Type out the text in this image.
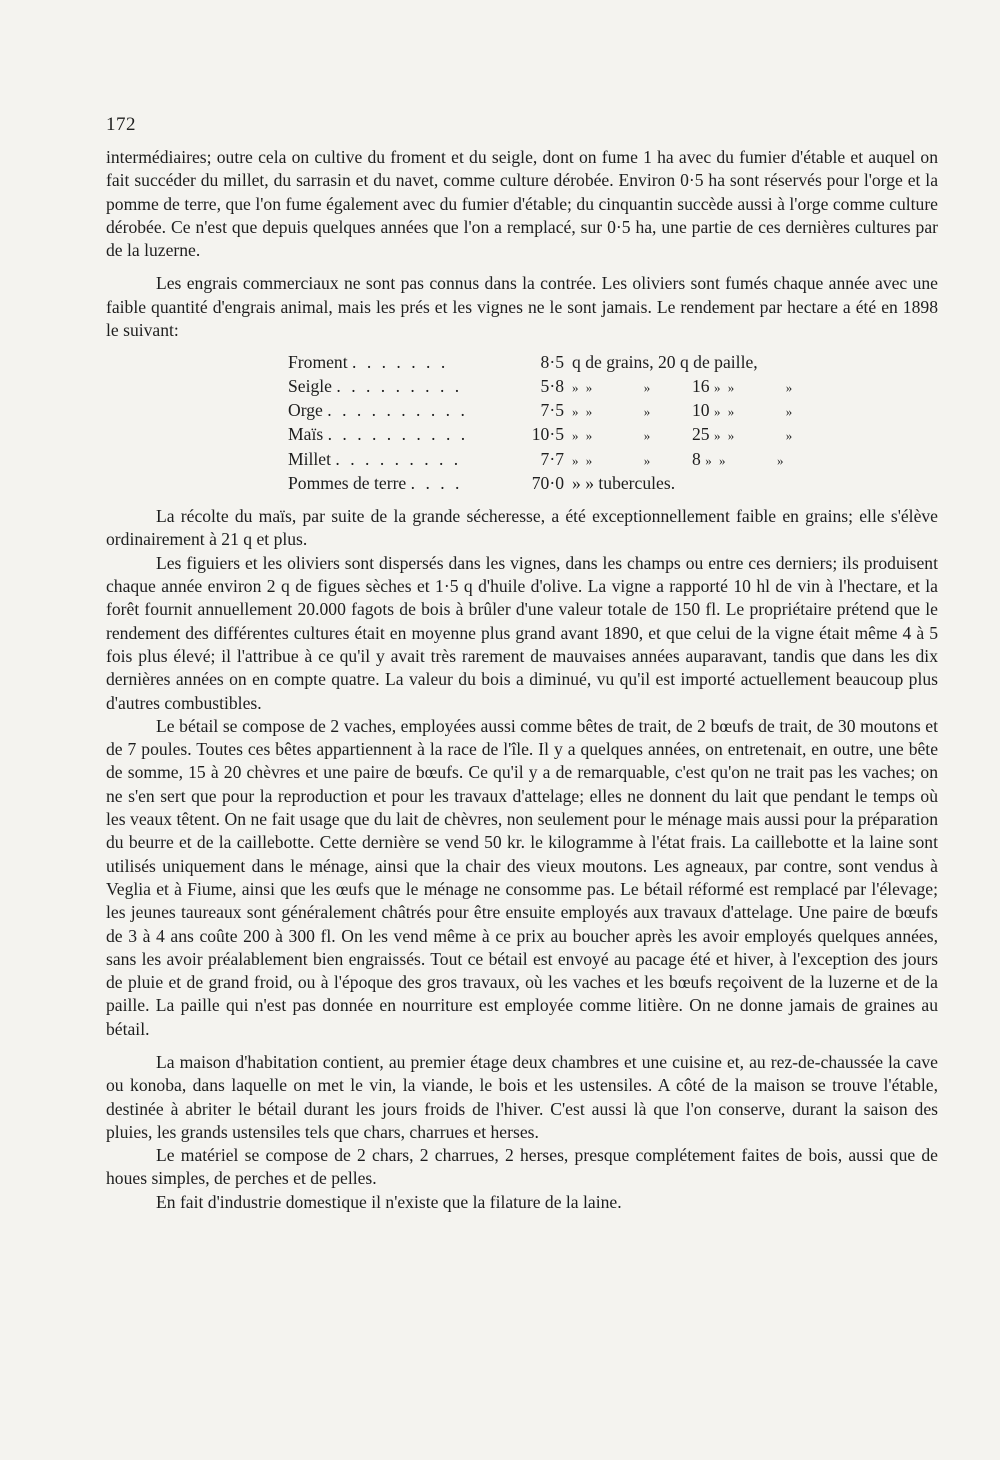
172

intermédiaires; outre cela on cultive du froment et du seigle, dont on fume 1 ha avec du fumier d'étable et auquel on fait succéder du millet, du sarrasin et du navet, comme culture dérobée. Environ 0·5 ha sont réservés pour l'orge et la pomme de terre, que l'on fume également avec du fumier d'étable; du cinquantin succède aussi à l'orge comme culture dérobée. Ce n'est que depuis quelques années que l'on a remplacé, sur 0·5 ha, une partie de ces dernières cultures par de la luzerne.

Les engrais commerciaux ne sont pas connus dans la contrée. Les oliviers sont fumés chaque année avec une faible quantité d'engrais animal, mais les prés et les vignes ne le sont jamais. Le rendement par hectare a été en 1898 le suivant:

Froment . . . . . . .	8·5	q de grains, 20 q de paille,
Seigle . . . . . . . . .	5·8	» » » 16 » » »
Orge . . . . . . . . . .	7·5	» » » 10 » » »
Maïs . . . . . . . . . .	10·5	» » » 25 » » »
Millet . . . . . . . . .	7·7	» » » 8 » » »
Pommes de terre . . . .	70·0	» » tubercules.

La récolte du maïs, par suite de la grande sécheresse, a été exceptionnellement faible en grains; elle s'élève ordinairement à 21 q et plus.

Les figuiers et les oliviers sont dispersés dans les vignes, dans les champs ou entre ces derniers; ils produisent chaque année environ 2 q de figues sèches et 1·5 q d'huile d'olive. La vigne a rapporté 10 hl de vin à l'hectare, et la forêt fournit annuellement 20.000 fagots de bois à brûler d'une valeur totale de 150 fl. Le propriétaire prétend que le rendement des différentes cultures était en moyenne plus grand avant 1890, et que celui de la vigne était même 4 à 5 fois plus élevé; il l'attribue à ce qu'il y avait très rarement de mauvaises années auparavant, tandis que dans les dix dernières années on en compte quatre. La valeur du bois a diminué, vu qu'il est importé actuellement beaucoup plus d'autres combustibles.

Le bétail se compose de 2 vaches, employées aussi comme bêtes de trait, de 2 bœufs de trait, de 30 moutons et de 7 poules. Toutes ces bêtes appartiennent à la race de l'île. Il y a quelques années, on entretenait, en outre, une bête de somme, 15 à 20 chèvres et une paire de bœufs. Ce qu'il y a de remarquable, c'est qu'on ne trait pas les vaches; on ne s'en sert que pour la reproduction et pour les travaux d'attelage; elles ne donnent du lait que pendant le temps où les veaux têtent. On ne fait usage que du lait de chèvres, non seulement pour le ménage mais aussi pour la préparation du beurre et de la caillebotte. Cette dernière se vend 50 kr. le kilogramme à l'état frais. La caillebotte et la laine sont utilisés uniquement dans le ménage, ainsi que la chair des vieux moutons. Les agneaux, par contre, sont vendus à Veglia et à Fiume, ainsi que les œufs que le ménage ne consomme pas. Le bétail réformé est remplacé par l'élevage; les jeunes taureaux sont généralement châtrés pour être ensuite employés aux travaux d'attelage. Une paire de bœufs de 3 à 4 ans coûte 200 à 300 fl. On les vend même à ce prix au boucher après les avoir employés quelques années, sans les avoir préalablement bien engraissés. Tout ce bétail est envoyé au pacage été et hiver, à l'exception des jours de pluie et de grand froid, ou à l'époque des gros travaux, où les vaches et les bœufs reçoivent de la luzerne et de la paille. La paille qui n'est pas donnée en nourriture est employée comme litière. On ne donne jamais de graines au bétail.

La maison d'habitation contient, au premier étage deux chambres et une cuisine et, au rez-de-chaussée la cave ou konoba, dans laquelle on met le vin, la viande, le bois et les ustensiles. A côté de la maison se trouve l'étable, destinée à abriter le bétail durant les jours froids de l'hiver. C'est aussi là que l'on conserve, durant la saison des pluies, les grands ustensiles tels que chars, charrues et herses.

Le matériel se compose de 2 chars, 2 charrues, 2 herses, presque complétement faites de bois, aussi que de houes simples, de perches et de pelles.

En fait d'industrie domestique il n'existe que la filature de la laine.
